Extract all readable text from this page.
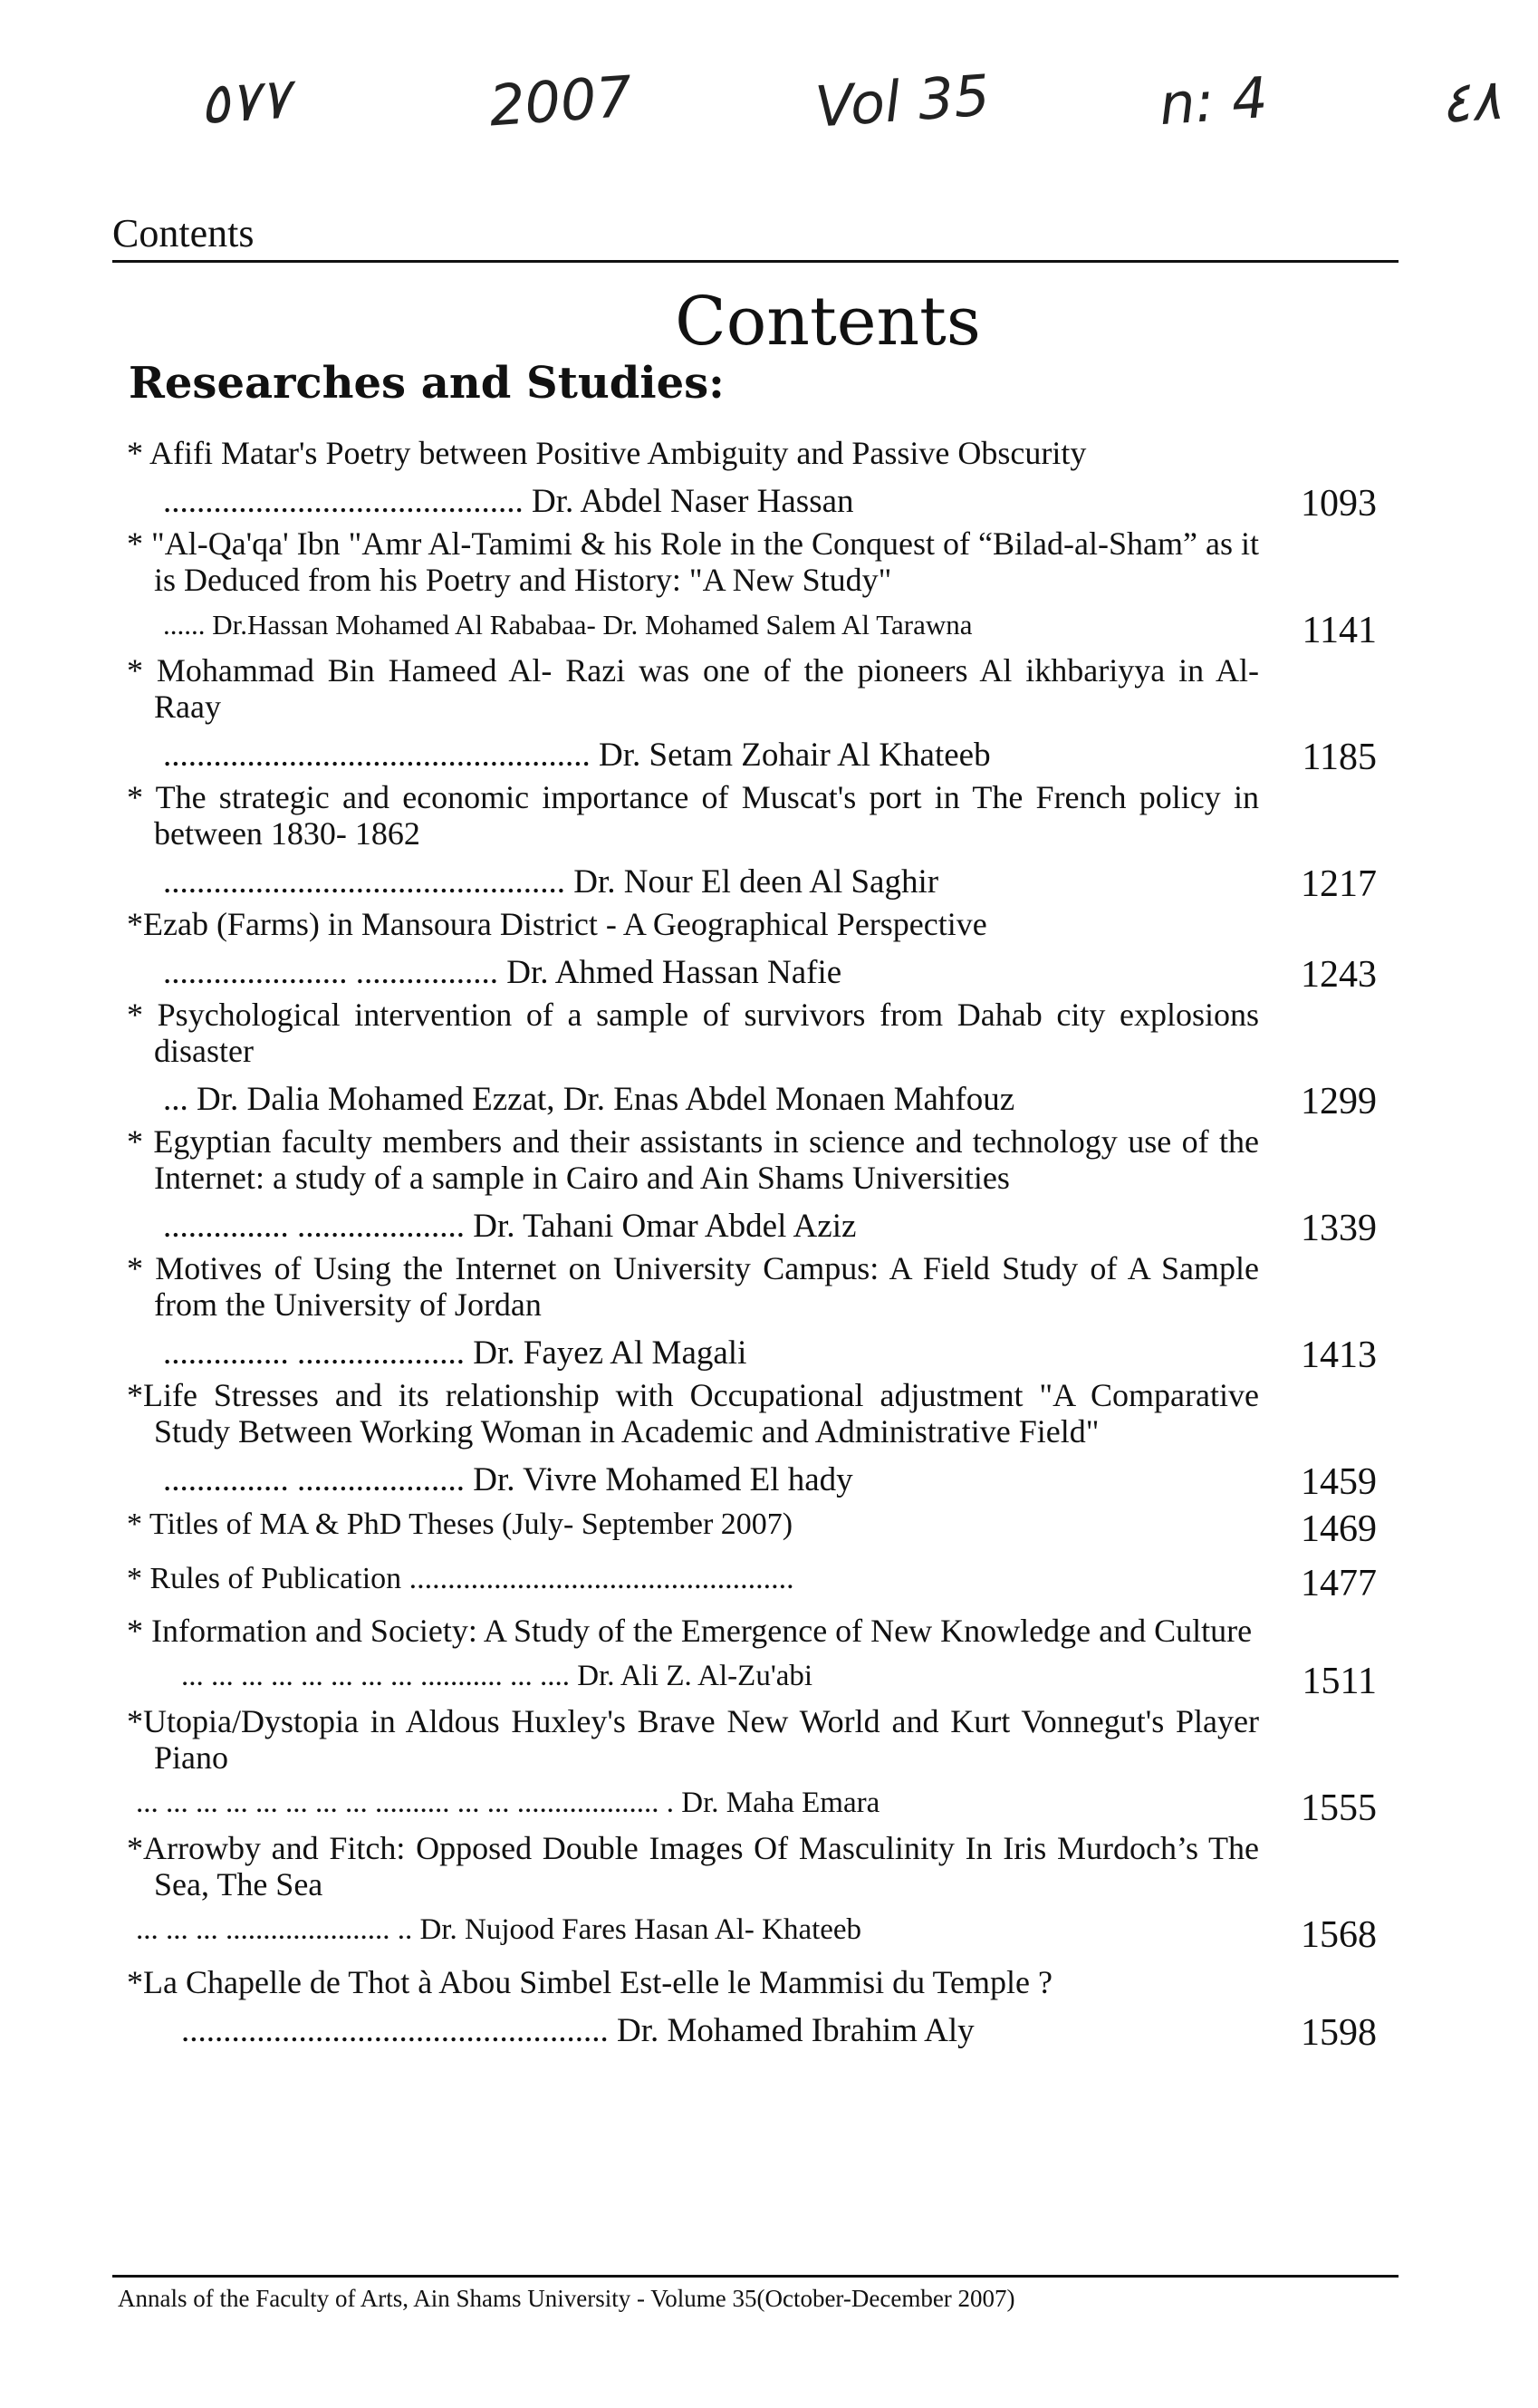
٥٧٧	2007	Vol 35	n: 4	٤٨
Contents
Contents
Researches and Studies:
* Afifi Matar's Poetry between Positive Ambiguity and Passive Obscurity
........................................... Dr. Abdel Naser Hassan	1093
* "Al-Qa'qa' Ibn "Amr Al-Tamimi & his Role in the Conquest of “Bilad-al-Sham” as it is Deduced from his Poetry and History: "A New Study"
...... Dr.Hassan Mohamed Al Rababaa- Dr. Mohamed Salem Al Tarawna	1141
* Mohammad Bin Hameed Al- Razi was one of the pioneers Al ikhbariyya in Al- Raay
................................................... Dr. Setam Zohair Al Khateeb	1185
* The strategic and economic importance of Muscat's port in The French policy in between 1830- 1862
................................................ Dr. Nour El deen Al Saghir	1217
*Ezab (Farms) in Mansoura District - A Geographical Perspective
...................... ................. Dr. Ahmed Hassan Nafie	1243
* Psychological intervention of a sample of survivors from Dahab city explosions disaster
... Dr. Dalia Mohamed Ezzat, Dr. Enas Abdel Monaen Mahfouz	1299
* Egyptian faculty members and their assistants in science and technology use of the Internet: a study of a sample in Cairo and Ain Shams Universities
............... .................... Dr. Tahani Omar Abdel Aziz	1339
* Motives of Using the Internet on University Campus: A Field Study of A Sample from the University of Jordan
............... .................... Dr. Fayez Al Magali	1413
*Life Stresses and its relationship with Occupational adjustment "A Comparative Study Between Working Woman in Academic and Administrative Field"
............... .................... Dr. Vivre Mohamed El hady	1459
* Titles of MA & PhD Theses (July- September 2007)	1469
* Rules of Publication ..................................................	1477
* Information and Society: A Study of the Emergence of New Knowledge and Culture
... ... ... ... ... ... ... ... ........... ... .... Dr. Ali Z. Al-Zu'abi	1511
*Utopia/Dystopia in Aldous Huxley's Brave New World and Kurt Vonnegut's Player Piano
... ... ... ... ... ... ... ... .......... ... ... ................... . Dr. Maha Emara	1555
*Arrowby and Fitch: Opposed Double Images Of Masculinity In Iris Murdoch’s The Sea, The Sea
... ... ... ...................... .. Dr. Nujood Fares Hasan Al- Khateeb	1568
*La Chapelle de Thot à Abou Simbel Est-elle le Mammisi du Temple ?
................................................... Dr. Mohamed Ibrahim Aly	1598
Annals of the Faculty of Arts, Ain Shams University - Volume 35(October-December 2007)
